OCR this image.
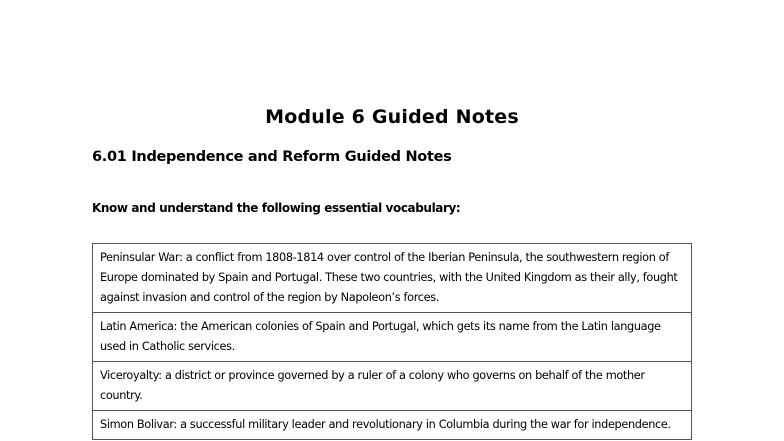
Module 6 Guided Notes
6.01 Independence and Reform Guided Notes
Know and understand the following essential vocabulary:
Peninsular War: a conflict from 1808-1814 over control of the Iberian Peninsula, the southwestern region of Europe dominated by Spain and Portugal. These two countries, with the United Kingdom as their ally, fought against invasion and control of the region by Napoleon’s forces.
Latin America: the American colonies of Spain and Portugal, which gets its name from the Latin language used in Catholic services.
Viceroyalty: a district or province governed by a ruler of a colony who governs on behalf of the mother country.
Simon Bolivar: a successful military leader and revolutionary in Columbia during the war for independence.
